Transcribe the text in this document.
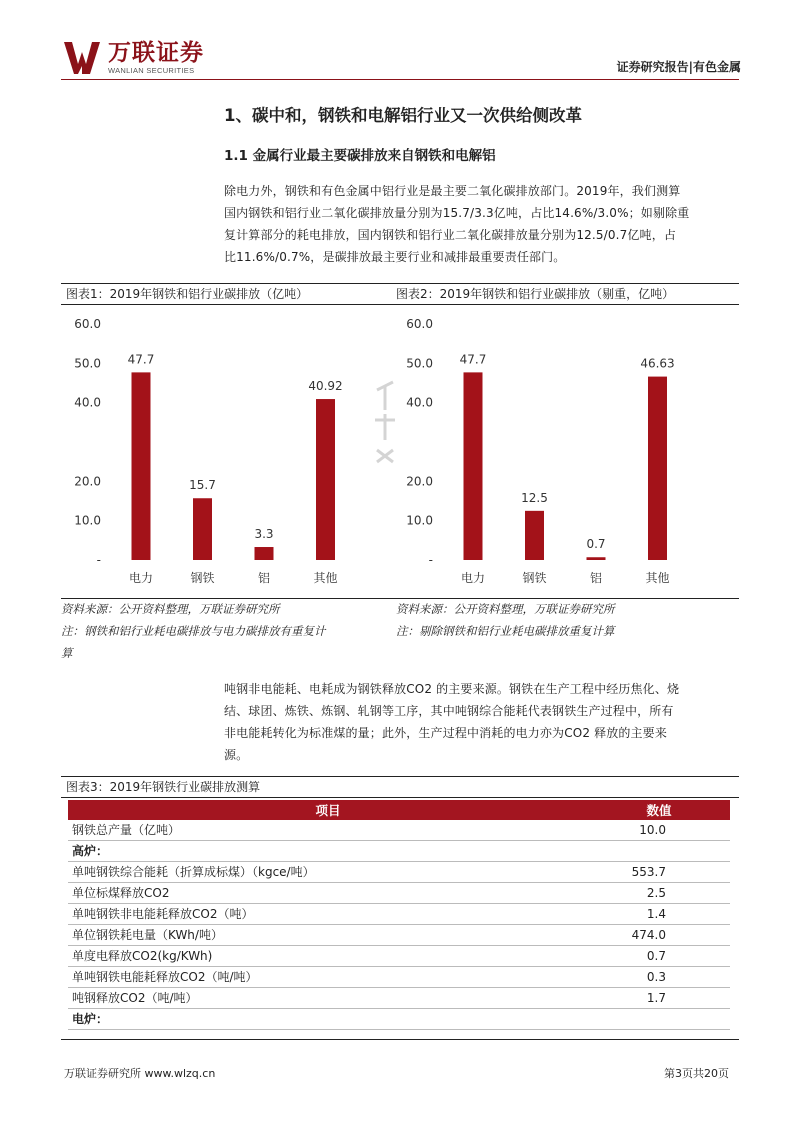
万联证券
WANLIAN SECURITIES	证券研究报告|有色金属
1、碳中和，钢铁和电解铝行业又一次供给侧改革
1.1 金属行业最主要碳排放来自钢铁和电解铝
除电力外，钢铁和有色金属中铝行业是最主要二氧化碳排放部门。2019年，我们测算
国内钢铁和铝行业二氧化碳排放量分别为15.7/3.3亿吨，占比14.6%/3.0%；如剔除重
复计算部分的耗电排放，国内钢铁和铝行业二氧化碳排放量分别为12.5/0.7亿吨，占
比11.6%/0.7%，是碳排放最主要行业和减排最重要责任部门。
图表1：2019年钢铁和铝行业碳排放（亿吨）	图表2：2019年钢铁和铝行业碳排放（剔重，亿吨）
60.0
50.0
40.0
20.0
10.0
-
47.7
电力
15.7
钢铁
3.3
铝
40.92
其他
60.0
50.0
40.0
20.0
10.0
-
47.7
电力
12.5
钢铁
0.7
铝
46.63
其他
资料来源：公开资料整理，万联证券研究所
注：钢铁和铝行业耗电碳排放与电力碳排放有重复计
算
资料来源：公开资料整理，万联证券研究所
注：剔除钢铁和铝行业耗电碳排放重复计算
吨钢非电能耗、电耗成为钢铁释放CO2 的主要来源。钢铁在生产工程中经历焦化、烧
结、球团、炼铁、炼钢、轧钢等工序，其中吨钢综合能耗代表钢铁生产过程中，所有
非电能耗转化为标准煤的量；此外，生产过程中消耗的电力亦为CO2 释放的主要来
源。
图表3：2019年钢铁行业碳排放测算
项目	数值
钢铁总产量（亿吨）	10.0
高炉：	
单吨钢铁综合能耗（折算成标煤）（kgce/吨）	553.7
单位标煤释放CO2	2.5
单吨钢铁非电能耗释放CO2（吨）	1.4
单位钢铁耗电量（KWh/吨）	474.0
单度电释放CO2(kg/KWh)	0.7
单吨钢铁电能耗释放CO2（吨/吨）	0.3
吨钢释放CO2（吨/吨）	1.7
电炉：	
万联证券研究所 www.wlzq.cn	第3页共20页
